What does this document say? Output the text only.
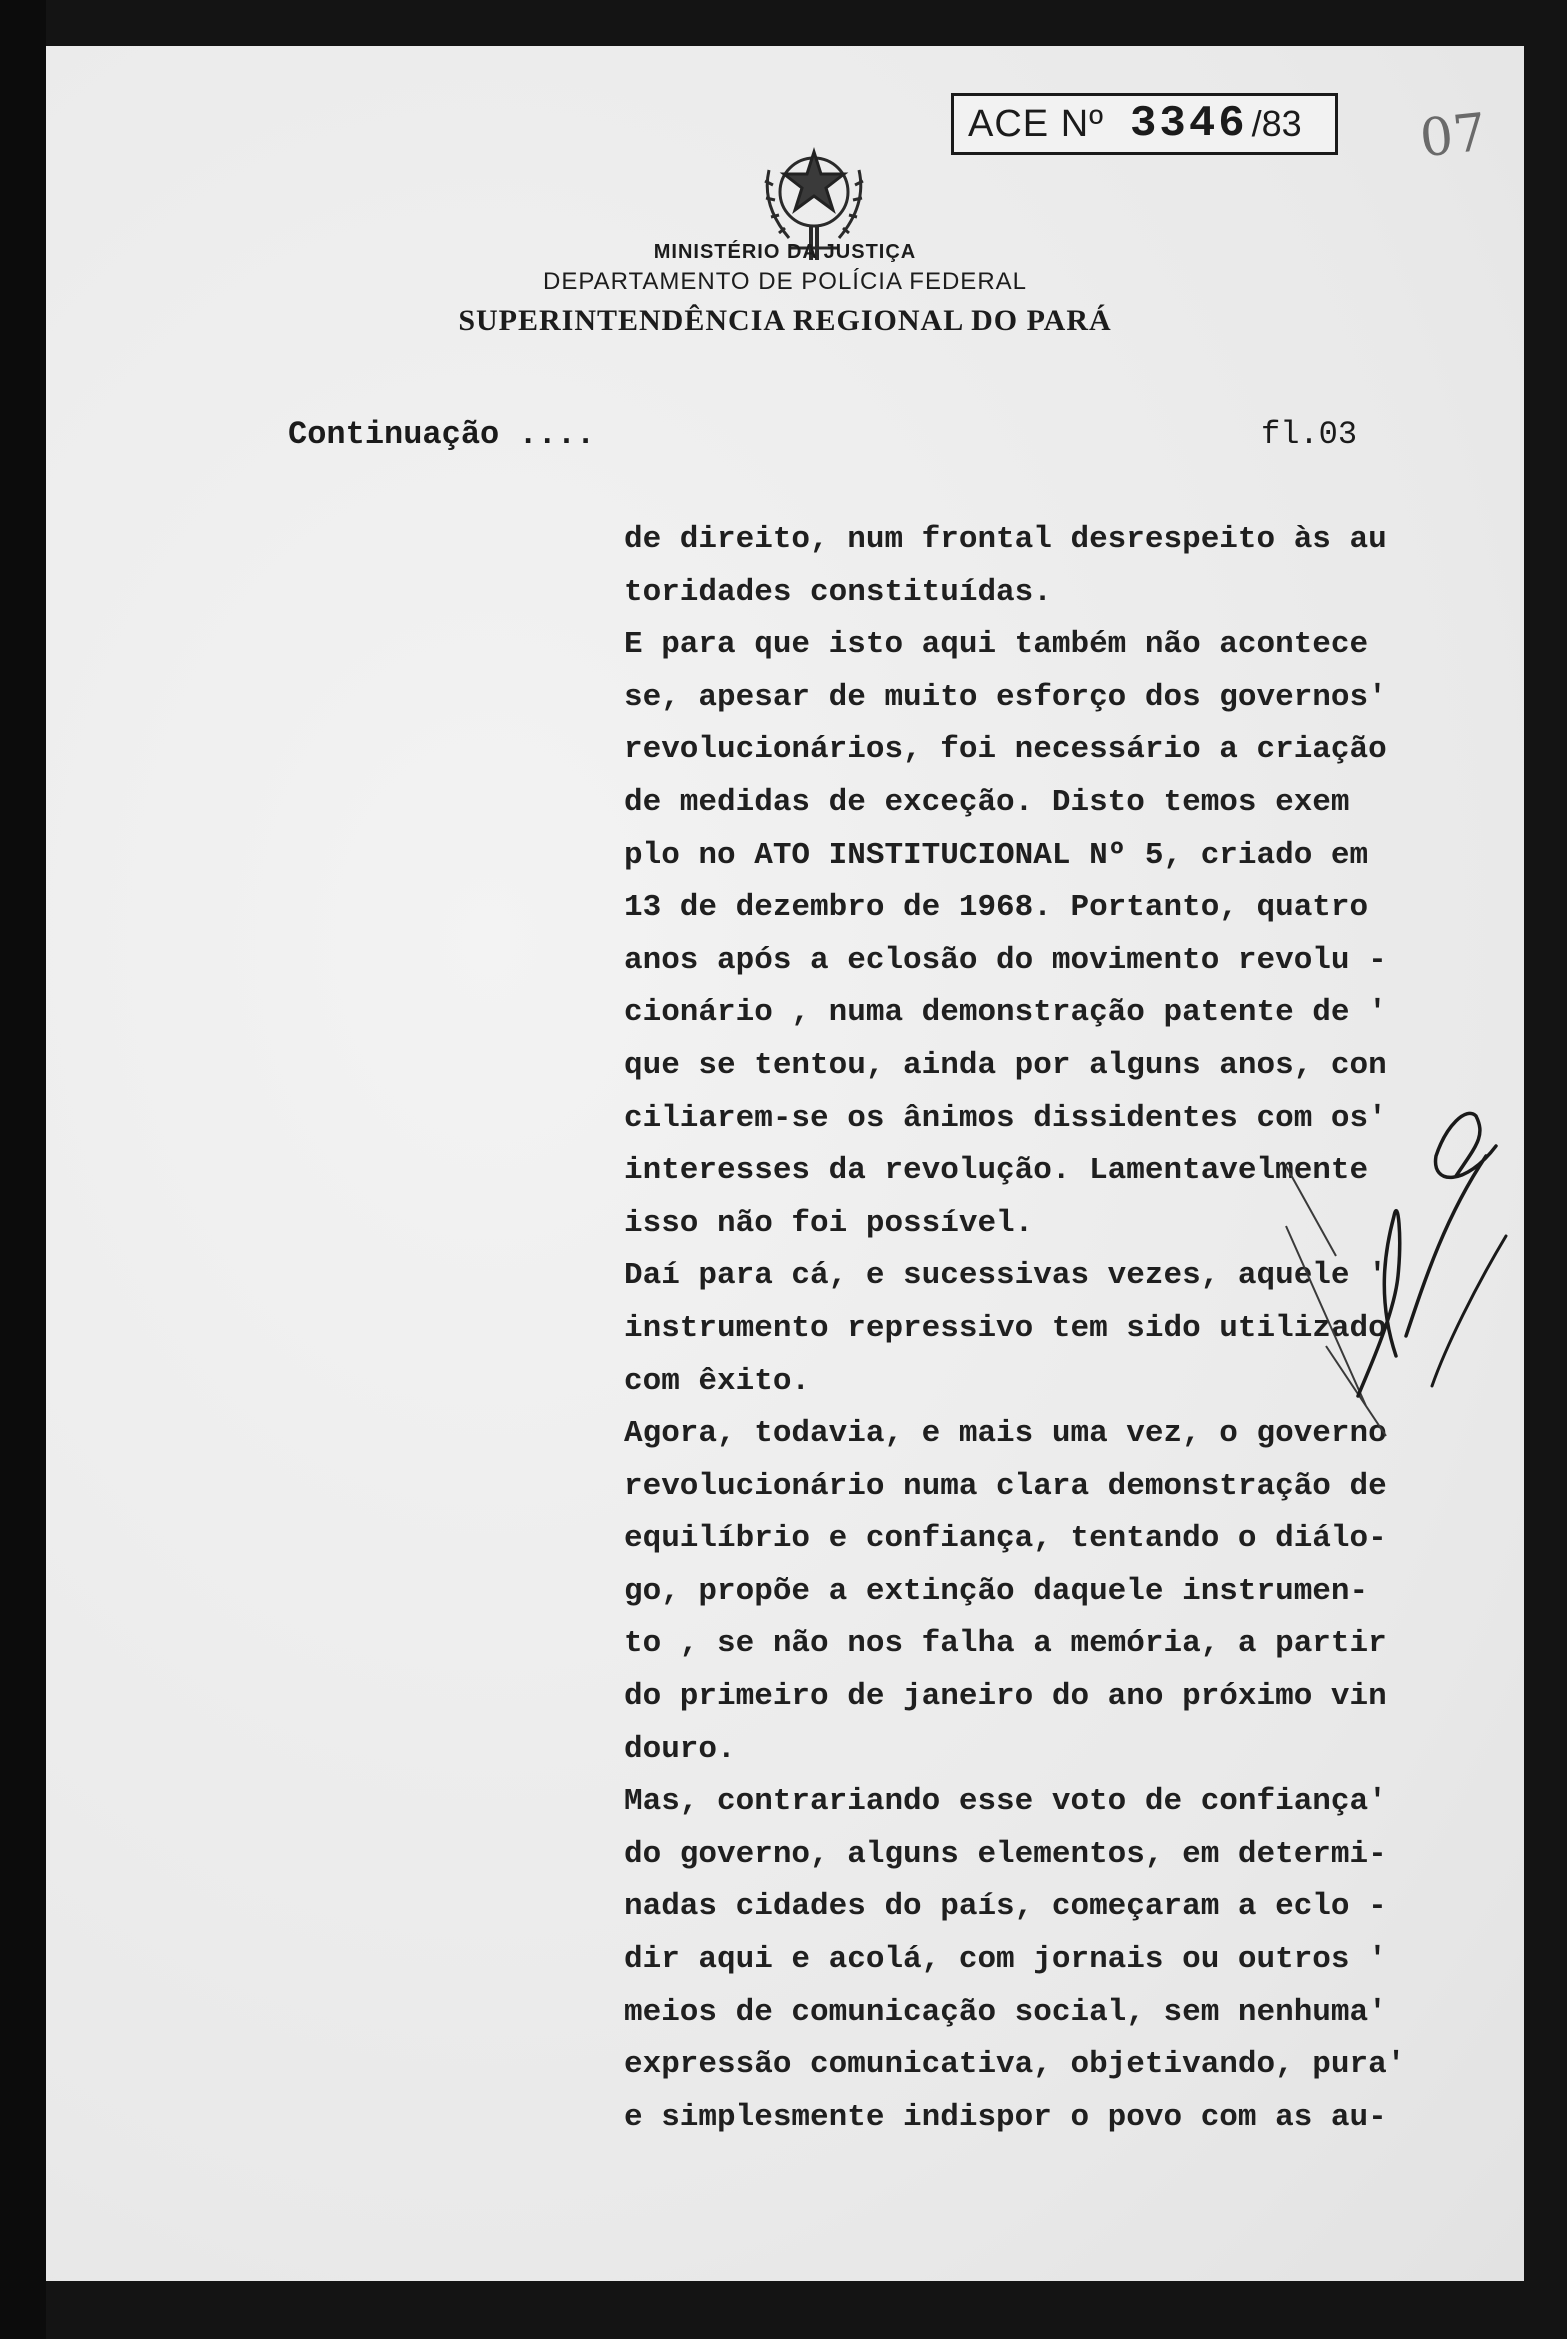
ACE Nº 3346 /83 07
MINISTÉRIO DA JUSTIÇA
DEPARTAMENTO DE POLÍCIA FEDERAL
SUPERINTENDÊNCIA REGIONAL DO PARÁ
Continuação ....	fl.03
de direito, num frontal desrespeito às au
toridades constituídas.
E para que isto aqui também não acontece
se, apesar de muito esforço dos governos'
revolucionários, foi necessário a criação
de medidas de exceção. Disto temos exem
plo no ATO INSTITUCIONAL Nº 5, criado em
13 de dezembro de 1968. Portanto, quatro
anos após a eclosão do movimento revolu -
cionário , numa demonstração patente de '
que se tentou, ainda por alguns anos, con
ciliarem-se os ânimos dissidentes com os'
interesses da revolução. Lamentavelmente
isso não foi possível.
Daí para cá, e sucessivas vezes, aquele '
instrumento repressivo tem sido utilizado
com êxito.
Agora, todavia, e mais uma vez, o governo
revolucionário numa clara demonstração de
equilíbrio e confiança, tentando o diálo-
go, propõe a extinção daquele instrumen-
to , se não nos falha a memória, a partir
do primeiro de janeiro do ano próximo vin
douro.
Mas, contrariando esse voto de confiança'
do governo, alguns elementos, em determi-
nadas cidades do país, começaram a eclo -
dir aqui e acolá, com jornais ou outros '
meios de comunicação social, sem nenhuma'
expressão comunicativa, objetivando, pura'
e simplesmente indispor o povo com as au-
